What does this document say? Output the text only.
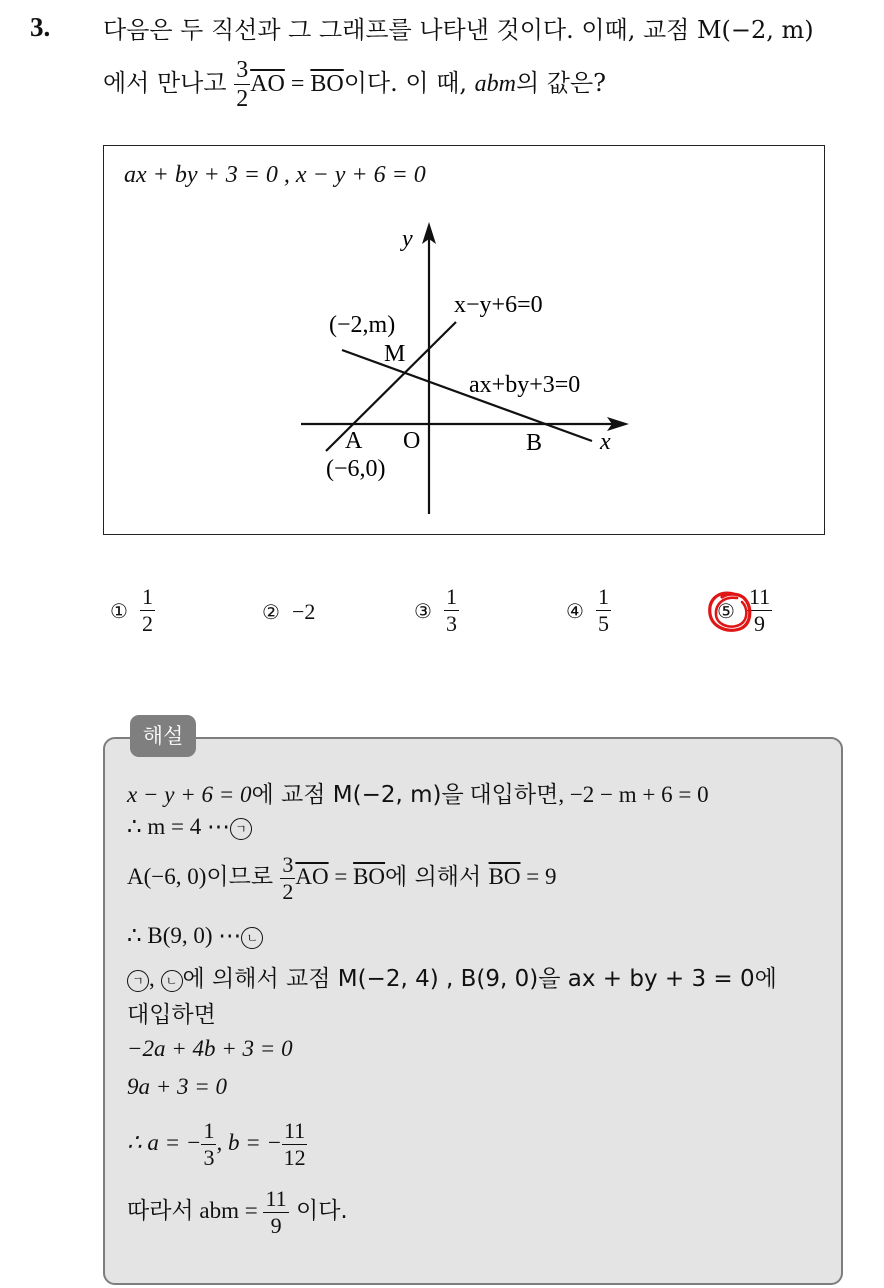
3. 다음은 두 직선과 그 그래프를 나타낸 것이다. 이때, 교점 M(−2, m)
에서 만나고 $\frac{3}{2} \overline{AO} = \overline{BO}$이다. 이 때, abm의 값은?
ax + by + 3 = 0 , x − y + 6 = 0
y
x
x−y+6=0
ax+by+3=0
(−2,m)
M
A O	B
(−6,0)
① $\frac{1}{2}$	② −2	③ $\frac{1}{3}$	④ $\frac{1}{5}$	⑤ $\frac{11}{9}$
해설
x − y + 6 = 0에 교점 M(−2, m)을 대입하면, −2 − m + 6 = 0
∴ m = 4 ⋯ ㄱ
A(−6, 0)이므로 $\frac{3}{2} \overline{AO} = \overline{BO}$에 의해서 $\overline{BO} = 9$
∴ B(9, 0) ⋯ ㄴ
ㄱ , ㄴ 에 의해서 교점 M(−2, 4) , B(9, 0)을 ax + by + 3 = 0에
대입하면
−2a + 4b + 3 = 0
9a + 3 = 0
∴ a = − $\frac{1}{3}$ , b = − $\frac{11}{12}$
따라서 abm = $\frac{11}{9}$ 이다.
